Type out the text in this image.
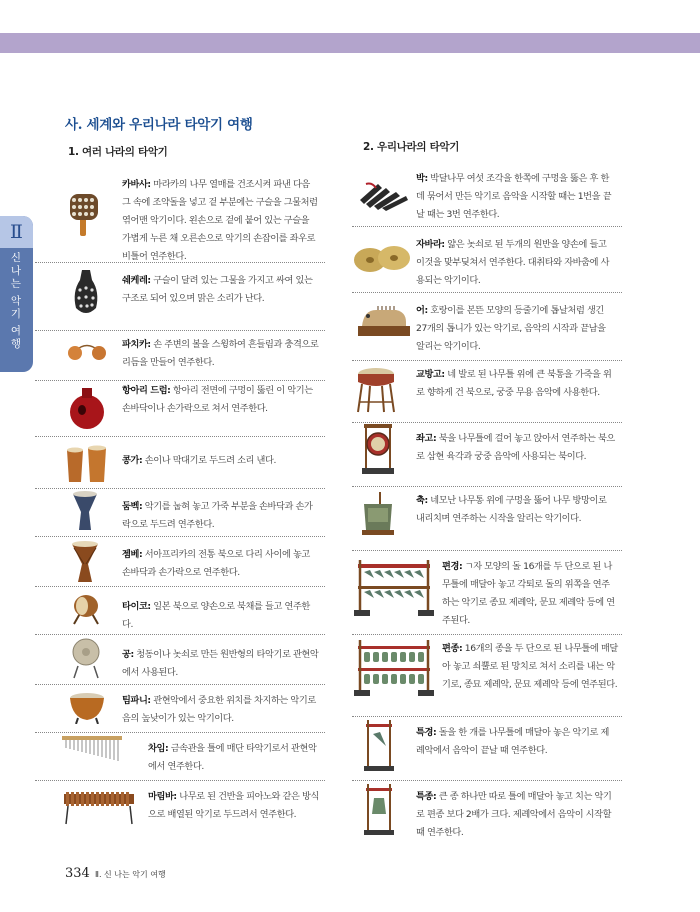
사. 세계와 우리나라 타악기 여행
1. 여러 나라의 타악기	2. 우리나라의 타악기
Ⅱ
신
나
는
악
기
여
행
카바사: 마라카의 나무 열매를 건조시켜 파낸 다음 그 속에 조약돌을 넣고 겉 부분에는 구슬을 그물처럼 엮어맨 악기이다. 왼손으로 겉에 붙어 있는 구슬을 가볍게 누른 채 오른손으로 악기의 손잡이를 좌우로 비틀어 연주한다.
쉐케레: 구슬이 달려 있는 그물을 가지고 싸여 있는 구조로 되어 있으며 맑은 소리가 난다.
파치카: 손 주변의 볼을 스윙하여 흔들림과 충격으로 리듬을 만들어 연주한다.
항아리 드럼: 항아리 전면에 구멍이 뚫린 이 악기는 손바닥이나 손가락으로 쳐서 연주한다.
콩가: 손이나 막대기로 두드려 소리 낸다.
둠벡: 악기를 눕혀 놓고 가죽 부분을 손바닥과 손가락으로 두드려 연주한다.
젬베: 서아프리카의 전통 북으로 다리 사이에 놓고 손바닥과 손가락으로 연주한다.
타이코: 일본 북으로 양손으로 북채를 들고 연주한다.
공: 청동이나 놋쇠로 만든 원반형의 타악기로 관현악에서 사용된다.
팀파니: 관현악에서 중요한 위치를 차지하는 악기로 음의 높낮이가 있는 악기이다.
차임: 금속관을 틀에 매단 타악기로서 관현악에서 연주한다.
마림바: 나무로 된 건반을 피아노와 같은 방식으로 배열된 악기로 두드려서 연주한다.
박: 박달나무 여섯 조각을 한쪽에 구멍을 뚫은 후 한데 묶어서 만든 악기로 음악을 시작할 때는 1번을 끝날 때는 3번 연주한다.
자바라: 얇은 놋쇠로 된 두개의 원반을 양손에 들고 이것을 맞부딪쳐서 연주한다. 대취타와 자바춤에 사용되는 악기이다.
어: 호랑이를 본뜬 모양의 등줄기에 톱날처럼 생긴 27개의 톱니가 있는 악기로, 음악의 시작과 끝남을 알리는 악기이다.
교방고: 네 발로 된 나무틀 위에 큰 북통을 가죽을 위로 향하게 건 북으로, 궁중 무용 음악에 사용한다.
좌고: 북을 나무틀에 걸어 놓고 앉아서 연주하는 북으로 삼현 육각과 궁중 음악에 사용되는 북이다.
축: 네모난 나무통 위에 구멍을 뚫어 나무 방망이로 내리치며 연주하는 시작을 알리는 악기이다.
편경: ㄱ자 모양의 돌 16개를 두 단으로 된 나무틀에 매달아 놓고 각퇴로 돌의 위쪽을 연주하는 악기로 종묘 제례악, 문묘 제례악 등에 연주된다.
편종: 16개의 종을 두 단으로 된 나무틀에 매달아 놓고 쇠뿔로 된 망치로 쳐서 소리를 내는 악기로, 종묘 제례악, 문묘 제례악 등에 연주된다.
특경: 돌을 한 개를 나무틀에 매달아 놓은 악기로 제례악에서 음악이 끝날 때 연주한다.
특종: 큰 종 하나만 따로 틀에 매달아 놓고 치는 악기로 편종 보다 2배가 크다. 제례악에서 음악이 시작할 때 연주한다.
334 Ⅱ. 신 나는 악기 여행
